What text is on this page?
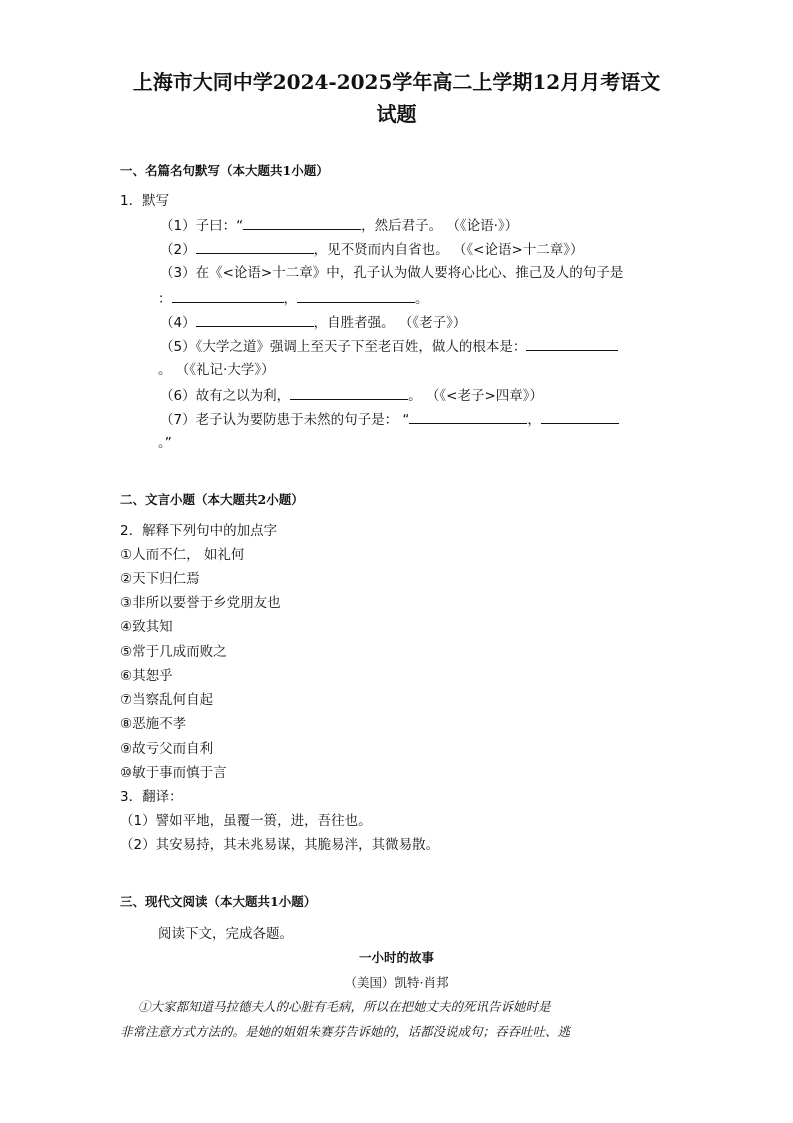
上海市大同中学2024-2025学年高二上学期12月月考语文
试题
一、名篇名句默写（本大题共1小题）
1．默写
（1）子曰：“	，然后君子。 （《论语·》）
（2）	，见不贤而内自省也。 （《<论语>十二章》）
（3）在《<论语>十二章》中，孔子认为做人要将心比心、推己及人的句子是
：	，	。
（4）	，自胜者强。 （《老子》）
（5）《大学之道》强调上至天子下至老百姓，做人的根本是：
。 （《礼记·大学》）
（6）故有之以为利，	。 （《<老子>四章》）
（7）老子认为要防患于未然的句子是： “	，
。”
二、文言小题（本大题共2小题）
2．解释下列句中的加点字
①人而不仁， 如礼何
②天下归仁焉
③非所以要誉于乡党朋友也
④致其知
⑤常于几成而败之
⑥其恕乎
⑦当察乱何自起
⑧恶施不孝
⑨故亏父而自利
⑩敏于事而慎于言
3．翻译：
（1）譬如平地，虽覆一篑，进，吾往也。
（2）其安易持，其未兆易谋，其脆易泮，其微易散。
三、现代文阅读（本大题共1小题）
阅读下文，完成各题。
一小时的故事
（美国）凯特·肖邦
①大家都知道马拉德夫人的心脏有毛病，所以在把她丈夫的死讯告诉她时是
非常注意方式方法的。是她的姐姐朱赛芬告诉她的，话都没说成句；吞吞吐吐、逃
